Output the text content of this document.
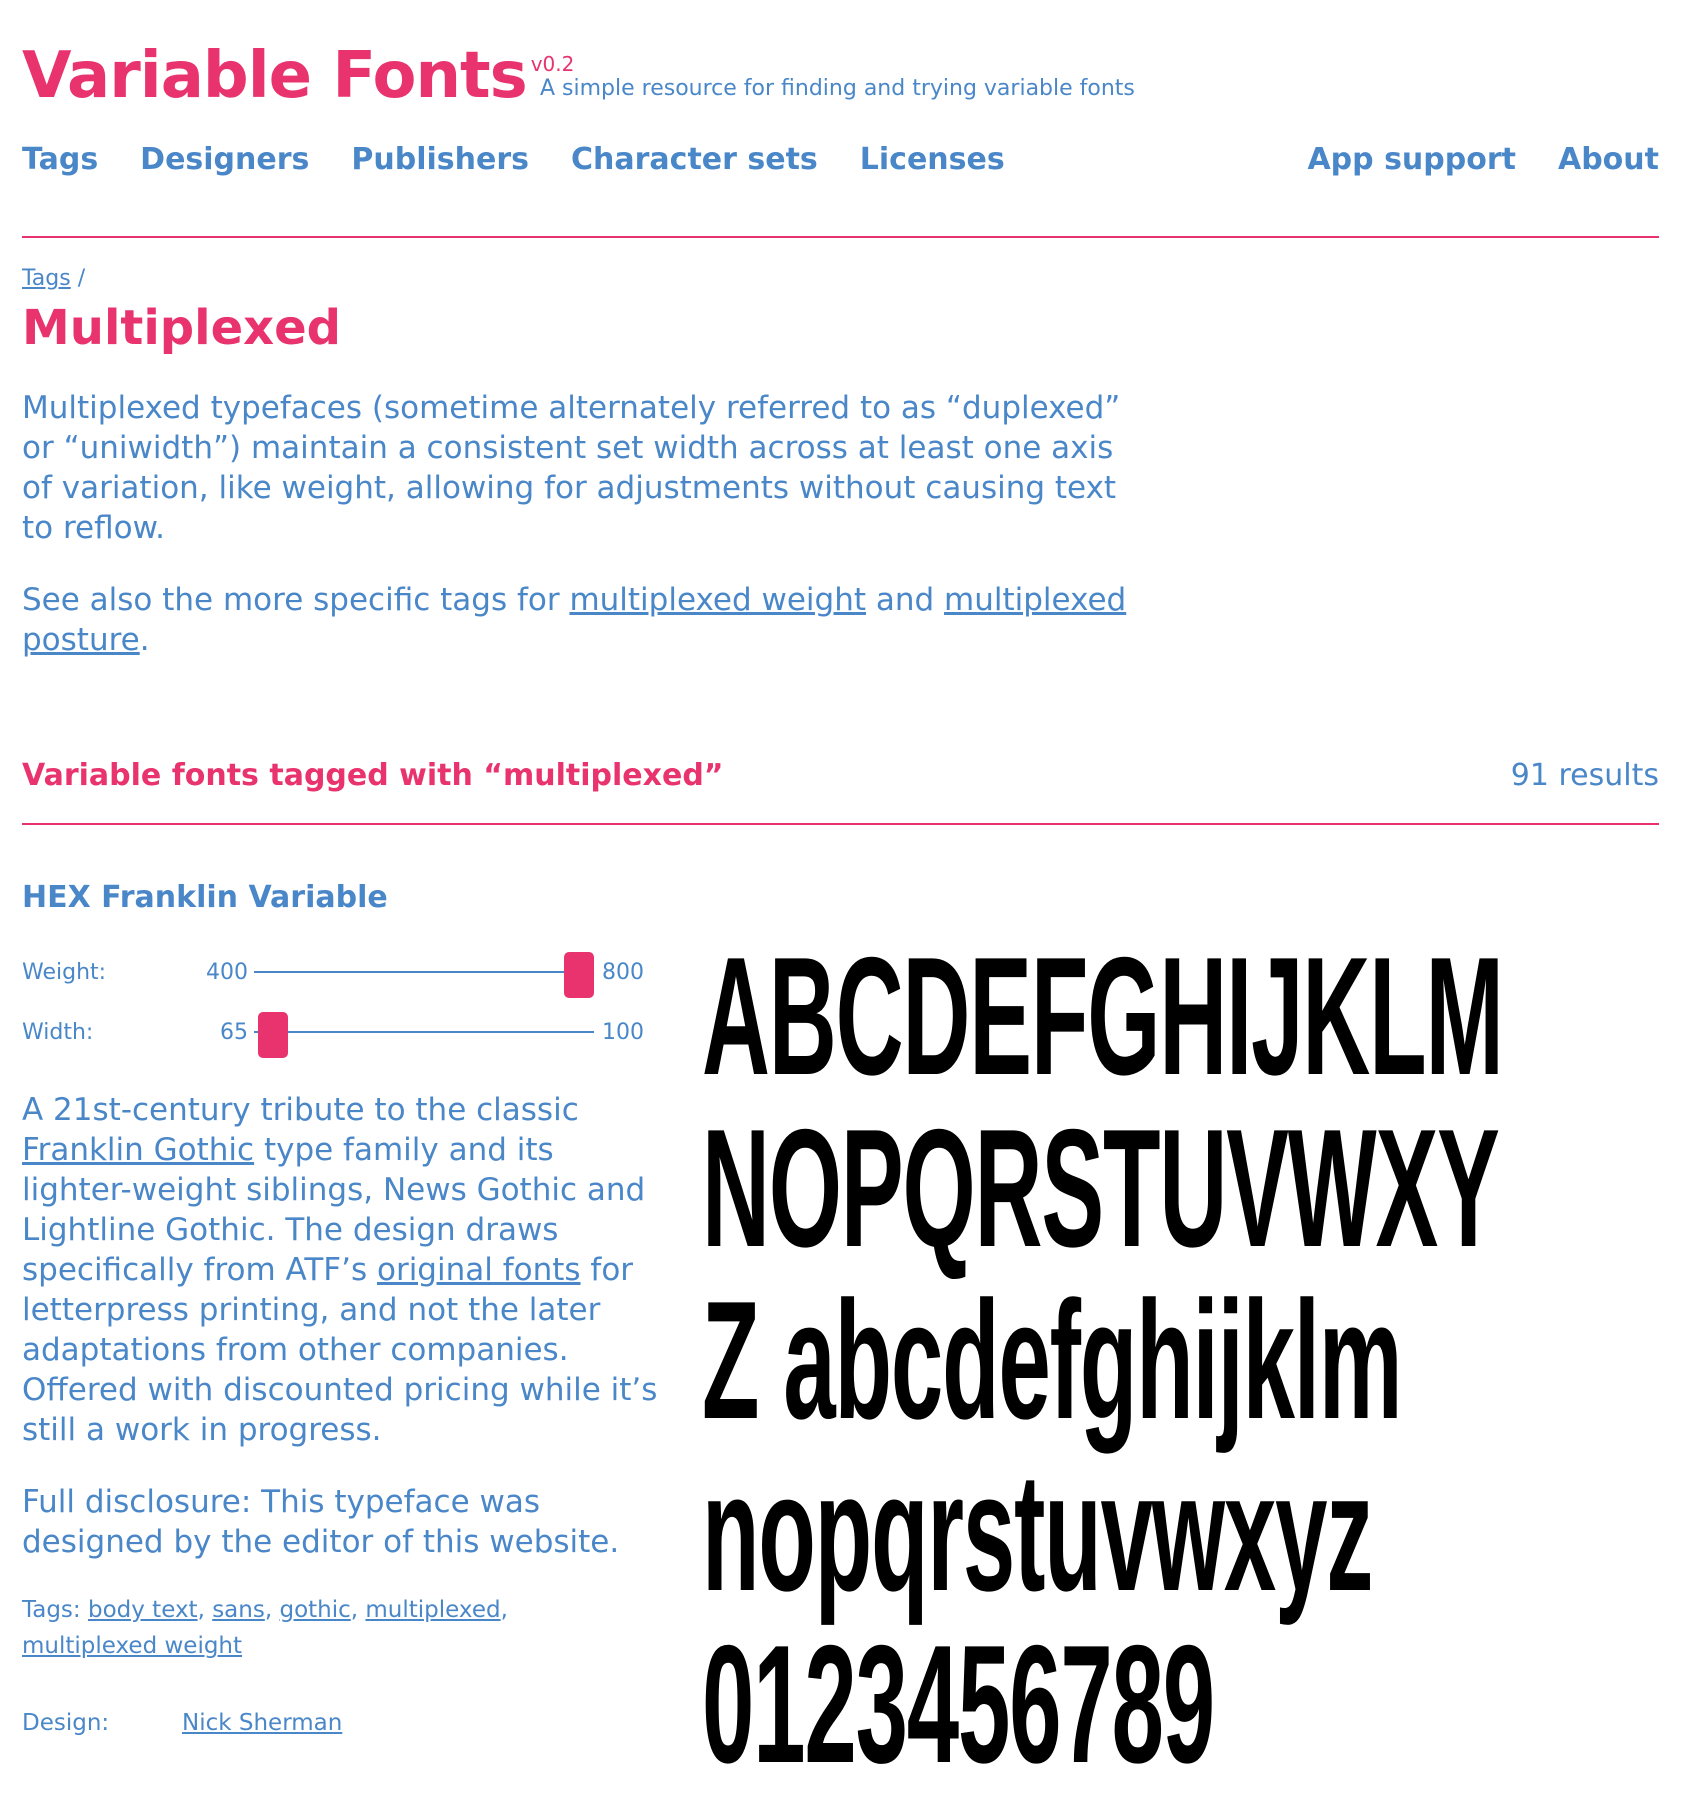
Variable Fonts v0.2
A simple resource for finding and trying variable fonts
Tags Designers Publishers Character sets Licenses	App support About
Tags /
Multiplexed

Multiplexed typefaces (sometime alternately referred to as “duplexed” or “uniwidth”) maintain a consistent set width across at least one axis of variation, like weight, allowing for adjustments without causing text to reflow.

See also the more specific tags for multiplexed weight and multiplexed posture.

Variable fonts tagged with “multiplexed”	91 results
HEX Franklin Variable
Weight:	400	800
Width:	65	100

A 21st-century tribute to the classic Franklin Gothic type family and its lighter-weight siblings, News Gothic and Lightline Gothic. The design draws specifically from ATF’s original fonts for letterpress printing, and not the later adaptations from other companies. Offered with discounted pricing while it’s still a work in progress.

Full disclosure: This typeface was designed by the editor of this website.

Tags: body text, sans, gothic, multiplexed,
multiplexed weight
Design:	Nick Sherman
ABCDEFGHIJKLM
NOPQRSTUVWXY
Z abcdefghijklm
nopqrstuvwxyz
0123456789
